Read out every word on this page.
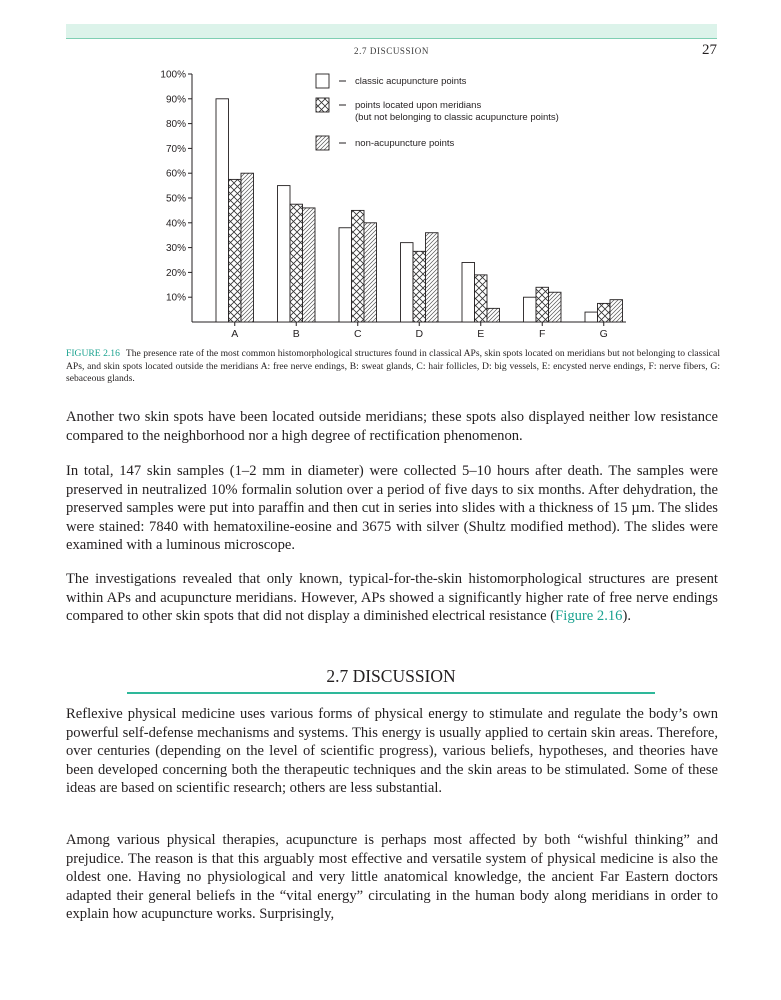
2.7 DISCUSSION	27
10%
20%
30%
40%
50%
60%
70%
80%
90%
100%
A	B	C	D	E	F	G
classic acupuncture points
points located upon meridians
(but not belonging to classic acupuncture points)
non-acupuncture points
FIGURE 2.16 The presence rate of the most common histomorphological structures found in classical APs, skin spots located on meridians but not belonging to classical APs, and skin spots located outside the meridians A: free nerve endings, B: sweat glands, C: hair follicles, D: big vessels, E: encysted nerve endings, F: nerve fibers, G: sebaceous glands.

Another two skin spots have been located outside meridians; these spots also displayed neither low resistance compared to the neighborhood nor a high degree of rectification phenomenon.

In total, 147 skin samples (1–2 mm in diameter) were collected 5–10 hours after death. The samples were preserved in neutralized 10% formalin solution over a period of five days to six months. After dehydration, the preserved samples were put into paraffin and then cut in series into slides with a thickness of 15 µm. The slides were stained: 7840 with hematoxiline-eosine and 3675 with silver (Shultz modified method). The slides were examined with a luminous microscope.

The investigations revealed that only known, typical-for-the-skin histomorphological structures are present within APs and acupuncture meridians. However, APs showed a significantly higher rate of free nerve endings compared to other skin spots that did not display a diminished electrical resistance (Figure 2.16).

2.7 DISCUSSION

Reflexive physical medicine uses various forms of physical energy to stimulate and regulate the body’s own powerful self-defense mechanisms and systems. This energy is usually applied to certain skin areas. Therefore, over centuries (depending on the level of scientific progress), various beliefs, hypotheses, and theories have been developed concerning both the therapeutic techniques and the skin areas to be stimulated. Some of these ideas are based on scientific research; others are less substantial.

Among various physical therapies, acupuncture is perhaps most affected by both “wishful thinking” and prejudice. The reason is that this arguably most effective and versatile system of physical medicine is also the oldest one. Having no physiological and very little anatomical knowledge, the ancient Far Eastern doctors adapted their general beliefs in the “vital energy” circulating in the human body along meridians in order to explain how acupuncture works. Surprisingly,
